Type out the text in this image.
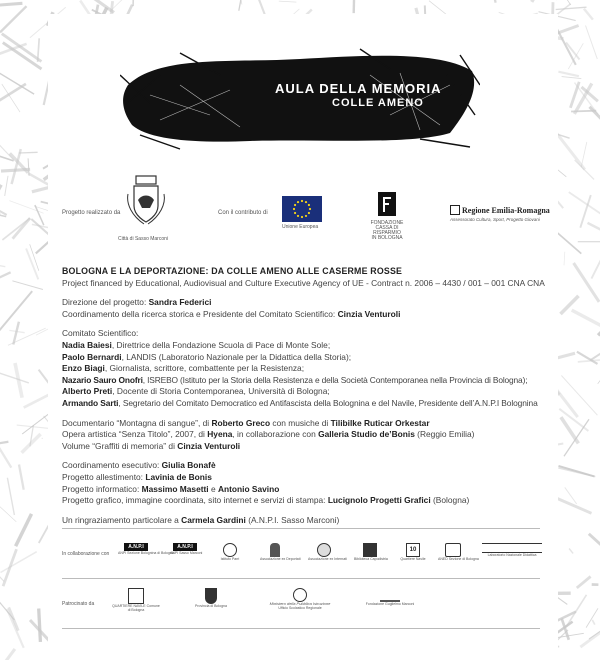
AULA DELLA MEMORIA
COLLE AMENO
Progetto realizzato da
Città di Sasso Marconi
Con il contributo di
Unione Europea
FONDAZIONE
CASSA DI RISPARMIO
IN BOLOGNA
Regione Emilia-Romagna
Assessorato Cultura, Sport, Progetto Giovani

BOLOGNA E LA DEPORTAZIONE: DA COLLE AMENO ALLE CASERME ROSSE

Project financed by Educational, Audiovisual and Culture Executive Agency of UE - Contract n. 2006 – 4430 / 001 – 001 CNA CNA

Direzione del progetto: Sandra Federici

Coordinamento della ricerca storica e Presidente del Comitato Scientifico: Cinzia Venturoli

Comitato Scientifico:

Nadia Baiesi, Direttrice della Fondazione Scuola di Pace di Monte Sole;

Paolo Bernardi, LANDIS (Laboratorio Nazionale per la Didattica della Storia);

Enzo Biagi, Giornalista, scrittore, combattente per la Resistenza;

Nazario Sauro Onofri, ISREBO (Istituto per la Storia della Resistenza e della Società Contemporanea nella Provincia di Bologna);

Alberto Preti, Docente di Storia Contemporanea, Università di Bologna;

Armando Sarti, Segretario del Comitato Democratico ed Antifascista della Bolognina e del Navile, Presidente dell’A.N.P.I Bolognina

Documentario “Montagna di sangue”, di Roberto Greco con musiche di Tilibilke Ruticar Orkestar

Opera artistica “Senza Titolo”, 2007, di Hyena, in collaborazione con Galleria Studio de’Bonis (Reggio Emilia)

Volume “Graffiti di memoria” di Cinzia Venturoli

Coordinamento esecutivo: Giulia Bonafè

Progetto allestimento: Lavinia de Bonis

Progetto informatico: Massimo Masetti e Antonio Savino

Progetto grafico, immagine coordinata, sito internet e servizi di stampa: Lucignolo Progetti Grafici (Bologna)

Un ringraziamento particolare a Carmela Gardini (A.N.P.I. Sasso Marconi)

In collaborazione con
A.N.P.I
ANPI Sezione Bolognina di Bologna
A.N.P.I
ANPI Sasso Marconi
Istituto Parri	Associazione ex Deportati Associazione ex Internati Biblioteca Capodistria
10
Quartiere Navile	ANED Sezione di Bologna
Laboratorio Nazionale Didattica
Patrocinato da	QUARTIERE NAVILE Comune di Bologna
Provincia di Bologna	Ministero della Pubblica Istruzione
Ufficio Scolastico Regionale
Fondazione Guglielmo Marconi
